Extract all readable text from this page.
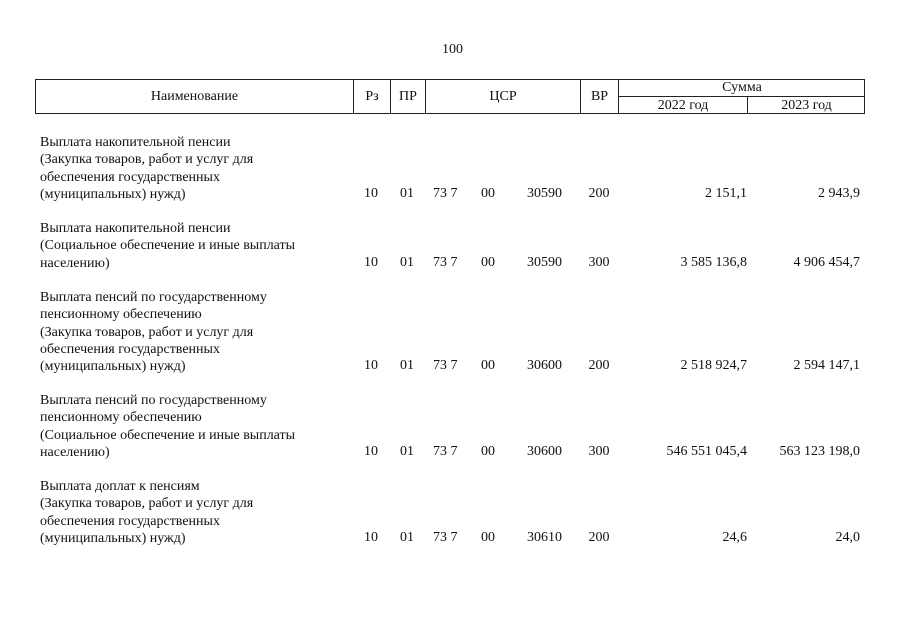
100
Наименование	Рз	ПР	ЦСР	ВР
Сумма
2022 год	2023 год
Выплата накопительной пенсии
(Закупка товаров, работ и услуг для
обеспечения государственных
(муниципальных) нужд)	10	01	73 7 00 30590	200	2 151,1	2 943,9
Выплата накопительной пенсии
(Социальное обеспечение и иные выплаты
населению)	10	01	73 7 00 30590	300	3 585 136,8	4 906 454,7
Выплата пенсий по государственному
пенсионному обеспечению
(Закупка товаров, работ и услуг для
обеспечения государственных
(муниципальных) нужд)	10	01	73 7 00 30600	200	2 518 924,7	2 594 147,1
Выплата пенсий по государственному
пенсионному обеспечению
(Социальное обеспечение и иные выплаты
населению)	10	01	73 7 00 30600	300	546 551 045,4	563 123 198,0
Выплата доплат к пенсиям
(Закупка товаров, работ и услуг для
обеспечения государственных
(муниципальных) нужд)	10	01	73 7 00 30610	200	24,6	24,0
